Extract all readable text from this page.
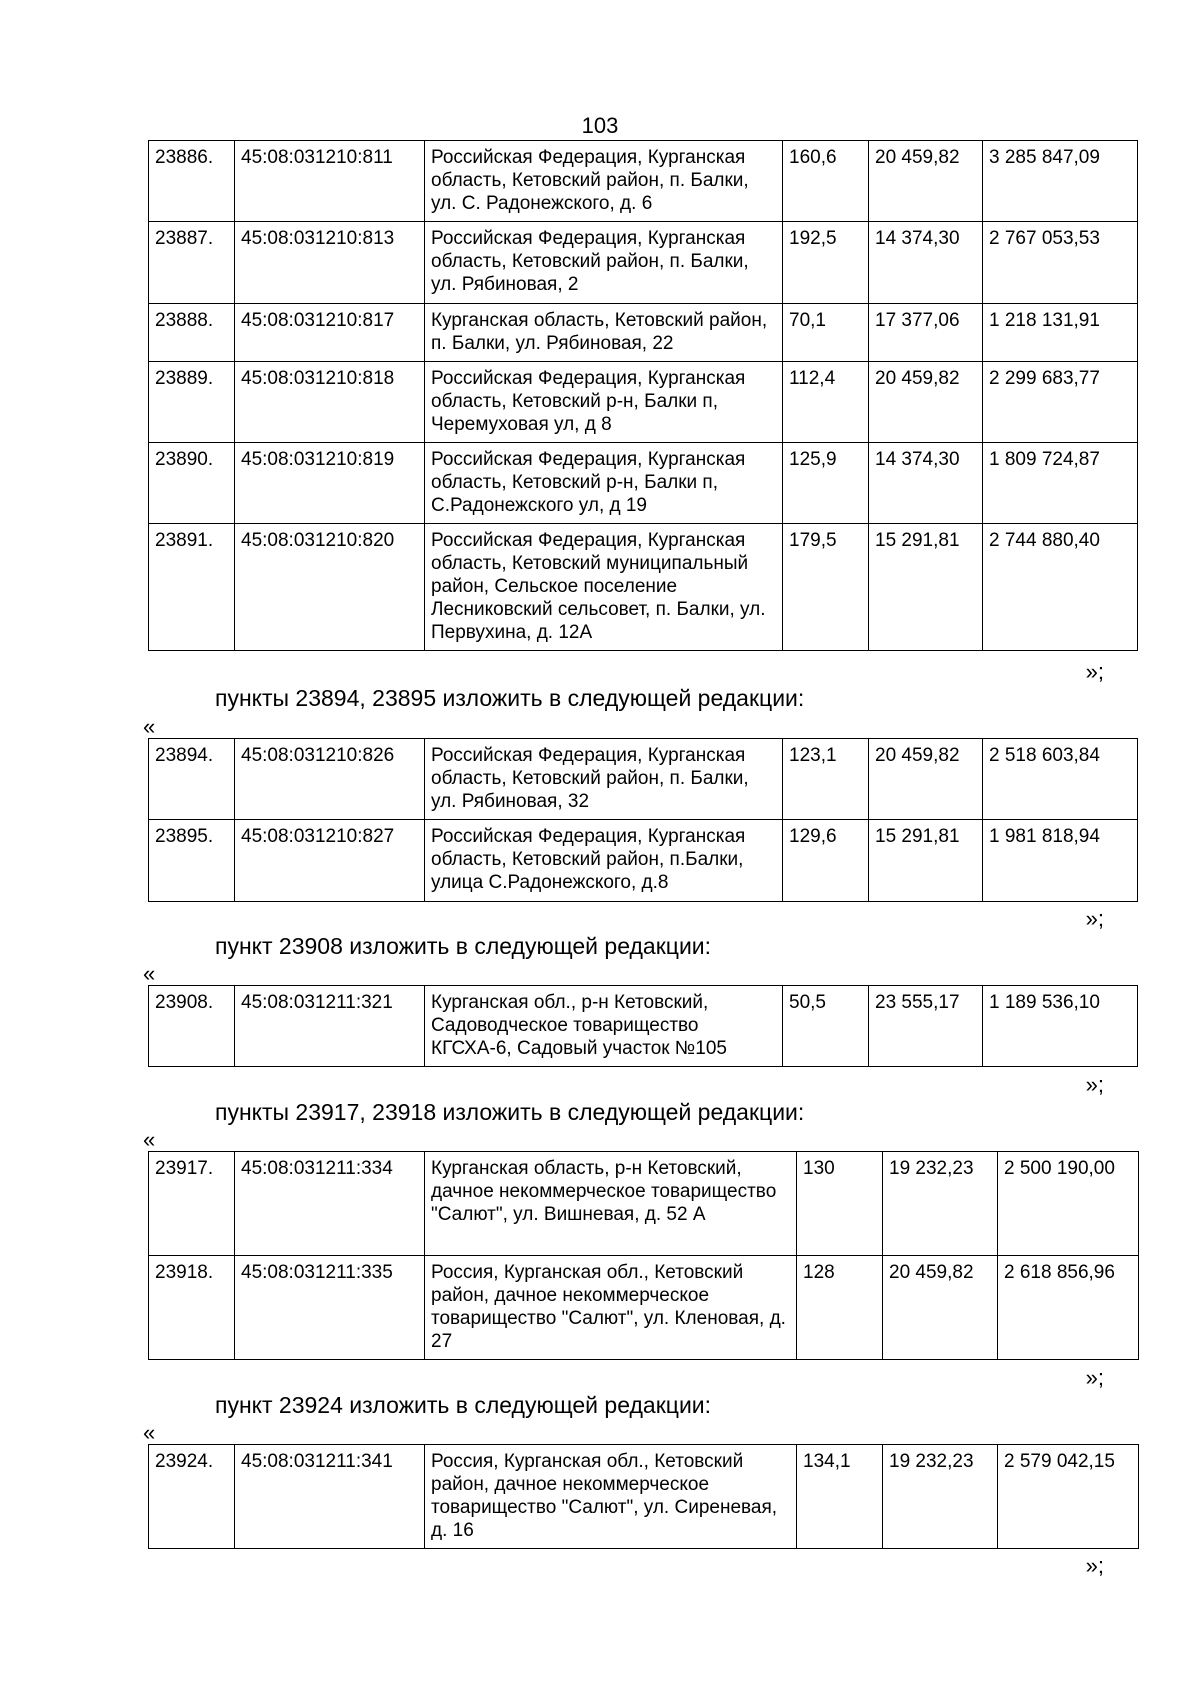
103
23886.	45:08:031210:811	Российская Федерация, Курганская область, Кетовский район, п. Балки, ул. С. Радонежского, д. 6	160,6	20 459,82	3 285 847,09
23887.	45:08:031210:813	Российская Федерация, Курганская область, Кетовский район, п. Балки, ул. Рябиновая, 2	192,5	14 374,30	2 767 053,53
23888.	45:08:031210:817	Курганская область, Кетовский район, п. Балки, ул. Рябиновая, 22	70,1	17 377,06	1 218 131,91
23889.	45:08:031210:818	Российская Федерация, Курганская область, Кетовский р-н, Балки п, Черемуховая ул, д 8	112,4	20 459,82	2 299 683,77
23890.	45:08:031210:819	Российская Федерация, Курганская область, Кетовский р-н, Балки п, С.Радонежского ул, д 19	125,9	14 374,30	1 809 724,87
23891.	45:08:031210:820	Российская Федерация, Курганская область, Кетовский муниципальный район, Сельское поселение Лесниковский сельсовет, п. Балки, ул. Первухина, д. 12А	179,5	15 291,81	2 744 880,40
»;
пункты 23894, 23895 изложить в следующей редакции:
«
23894.	45:08:031210:826	Российская Федерация, Курганская область, Кетовский район, п. Балки, ул. Рябиновая, 32	123,1	20 459,82	2 518 603,84
23895.	45:08:031210:827	Российская Федерация, Курганская область, Кетовский район, п.Балки, улица С.Радонежского, д.8	129,6	15 291,81	1 981 818,94
»;
пункт 23908 изложить в следующей редакции:
«
23908.	45:08:031211:321	Курганская обл., р-н Кетовский, Садоводческое товарищество КГСХА-6, Садовый участок №105	50,5	23 555,17	1 189 536,10
»;
пункты 23917, 23918 изложить в следующей редакции:
«
23917.	45:08:031211:334	Курганская область, р-н Кетовский, дачное некоммерческое товарищество "Салют", ул. Вишневая, д. 52 А	130	19 232,23	2 500 190,00
23918.	45:08:031211:335	Россия, Курганская обл., Кетовский район, дачное некоммерческое товарищество "Салют", ул. Кленовая, д. 27	128	20 459,82	2 618 856,96
»;
пункт 23924 изложить в следующей редакции:
«
23924.	45:08:031211:341	Россия, Курганская обл., Кетовский район, дачное некоммерческое товарищество "Салют", ул. Сиреневая, д. 16	134,1	19 232,23	2 579 042,15
»;
